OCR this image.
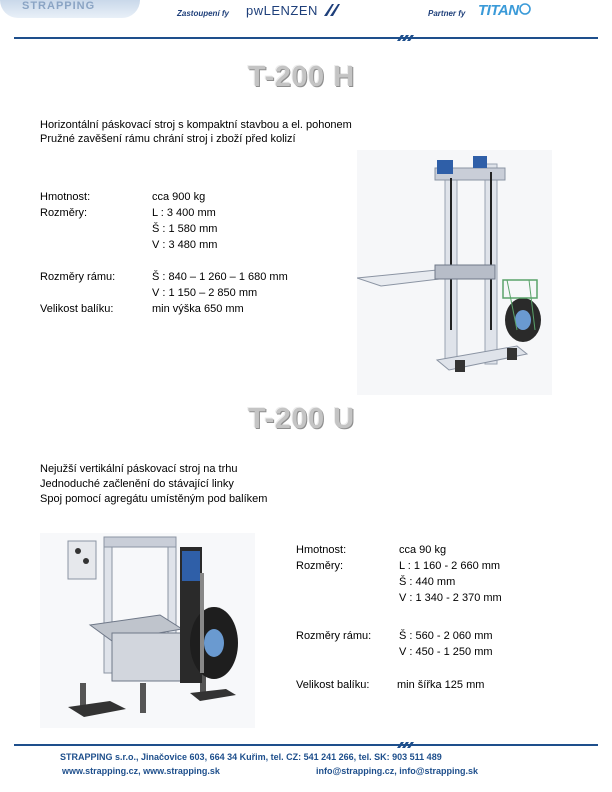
STRAPPING
Zastoupení fy pwLENZEN	Partner fy TITAN
T-200 H
Horizontální páskovací stroj s kompaktní stavbou a el. pohonem
Pružné zavěšení rámu chrání stroj i zboží před kolizí
Hmotnost:	cca 900 kg
Rozměry:	L : 3 400 mm
Š : 1 580 mm
V : 3 480 mm
Rozměry rámu:	Š : 840 – 1 260 – 1 680 mm
V : 1 150 – 2 850 mm
Velikost balíku:	min výška 650 mm
T-200 U
Nejužší vertikální páskovací stroj na trhu
Jednoduché začlenění do stávající linky
Spoj pomocí agregátu umístěným pod balíkem
Hmotnost:	cca 90 kg
Rozměry:	L : 1 160 - 2 660 mm
Š : 440 mm
V : 1 340 - 2 370 mm
Rozměry rámu:	Š : 560 - 2 060 mm
V : 450 - 1 250 mm
Velikost balíku:	min šířka 125 mm
STRAPPING s.r.o., Jinačovice 603, 664 34 Kuřim, tel. CZ: 541 241 266, tel. SK: 903 511 489
www.strapping.cz, www.strapping.sk	info@strapping.cz, info@strapping.sk
